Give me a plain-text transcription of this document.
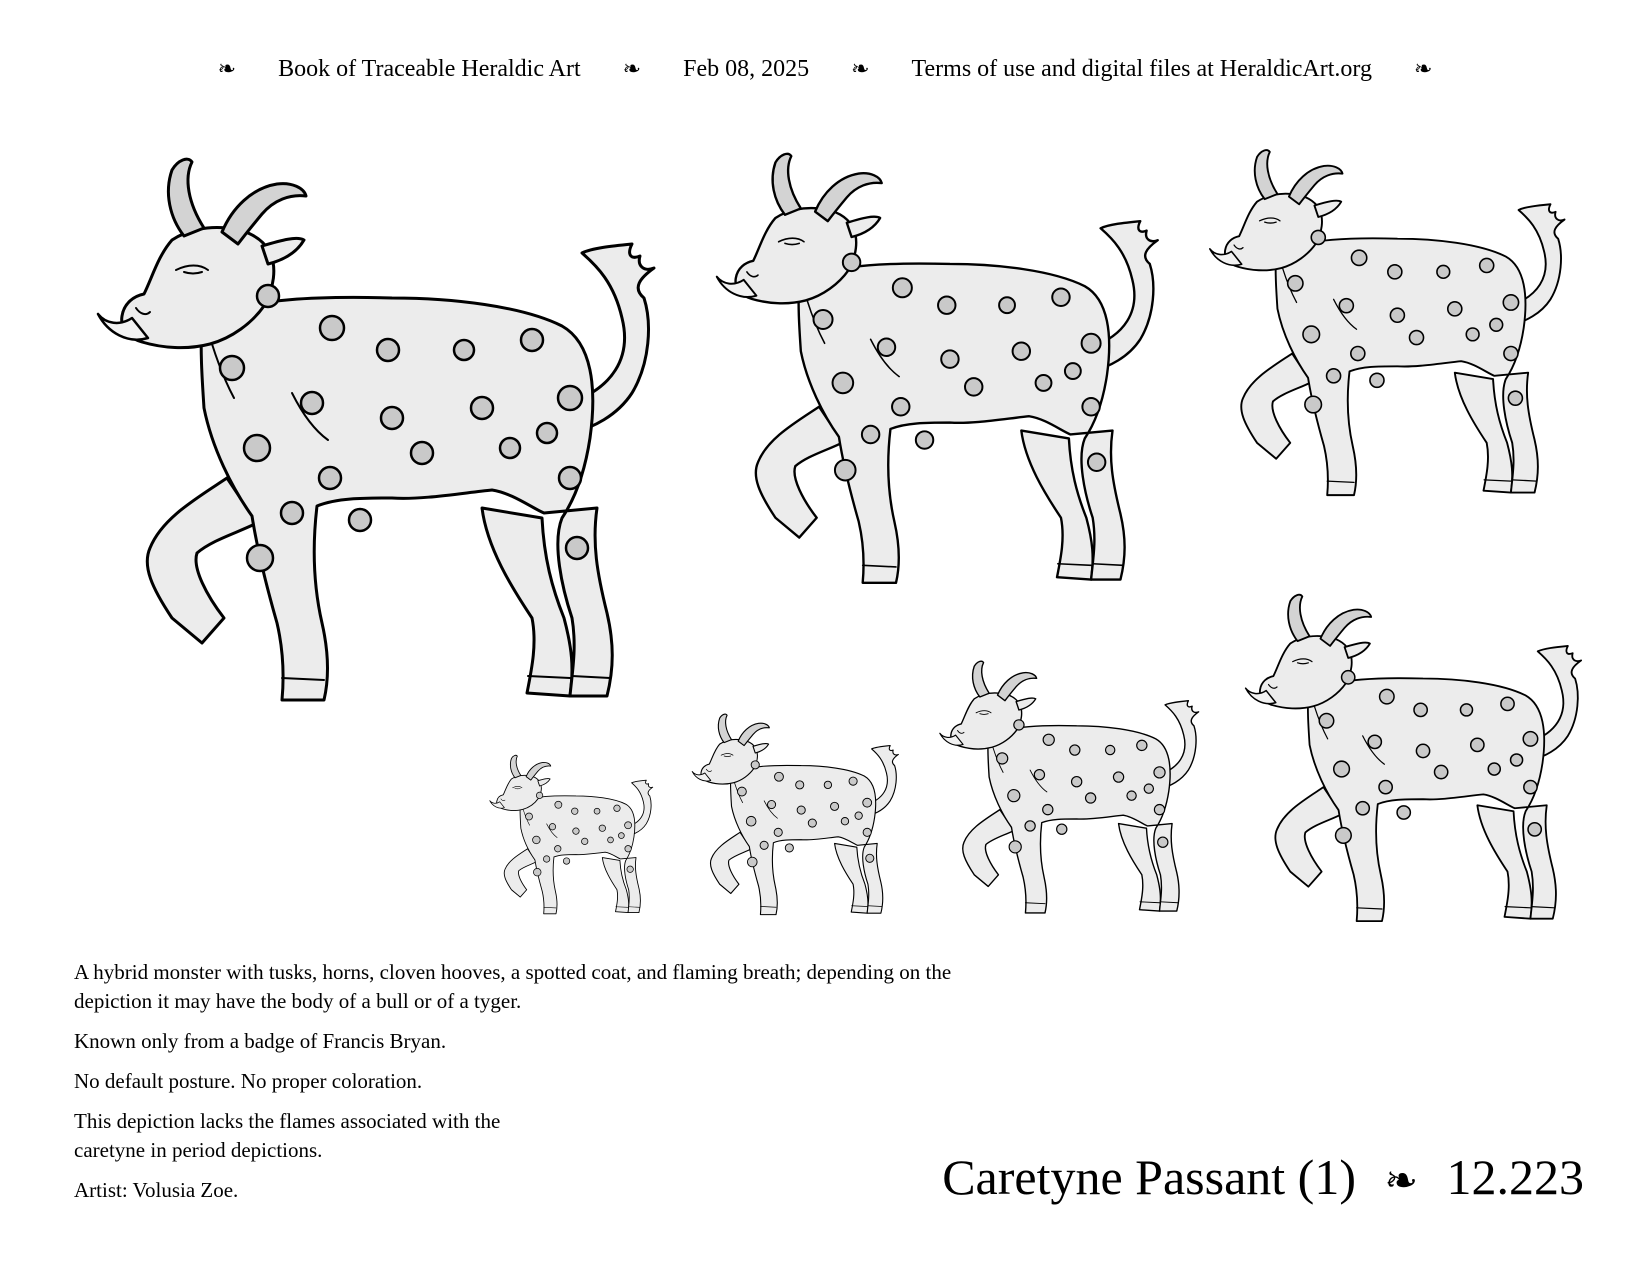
❧ Book of Traceable Heraldic Art ❧ Feb 08, 2025 ❧ Terms of use and digital files at HeraldicArt.org ❧

A hybrid monster with tusks, horns, cloven hooves, a spotted coat, and flaming breath; depending on the depiction it may have the body of a bull or of a tyger.

Known only from a badge of Francis Bryan.

No default posture. No proper coloration.

This depiction lacks the flames associated with the caretyne in period depictions.

Artist: Volusia Zoe.	Caretyne Passant (1) ❧ 12.223
